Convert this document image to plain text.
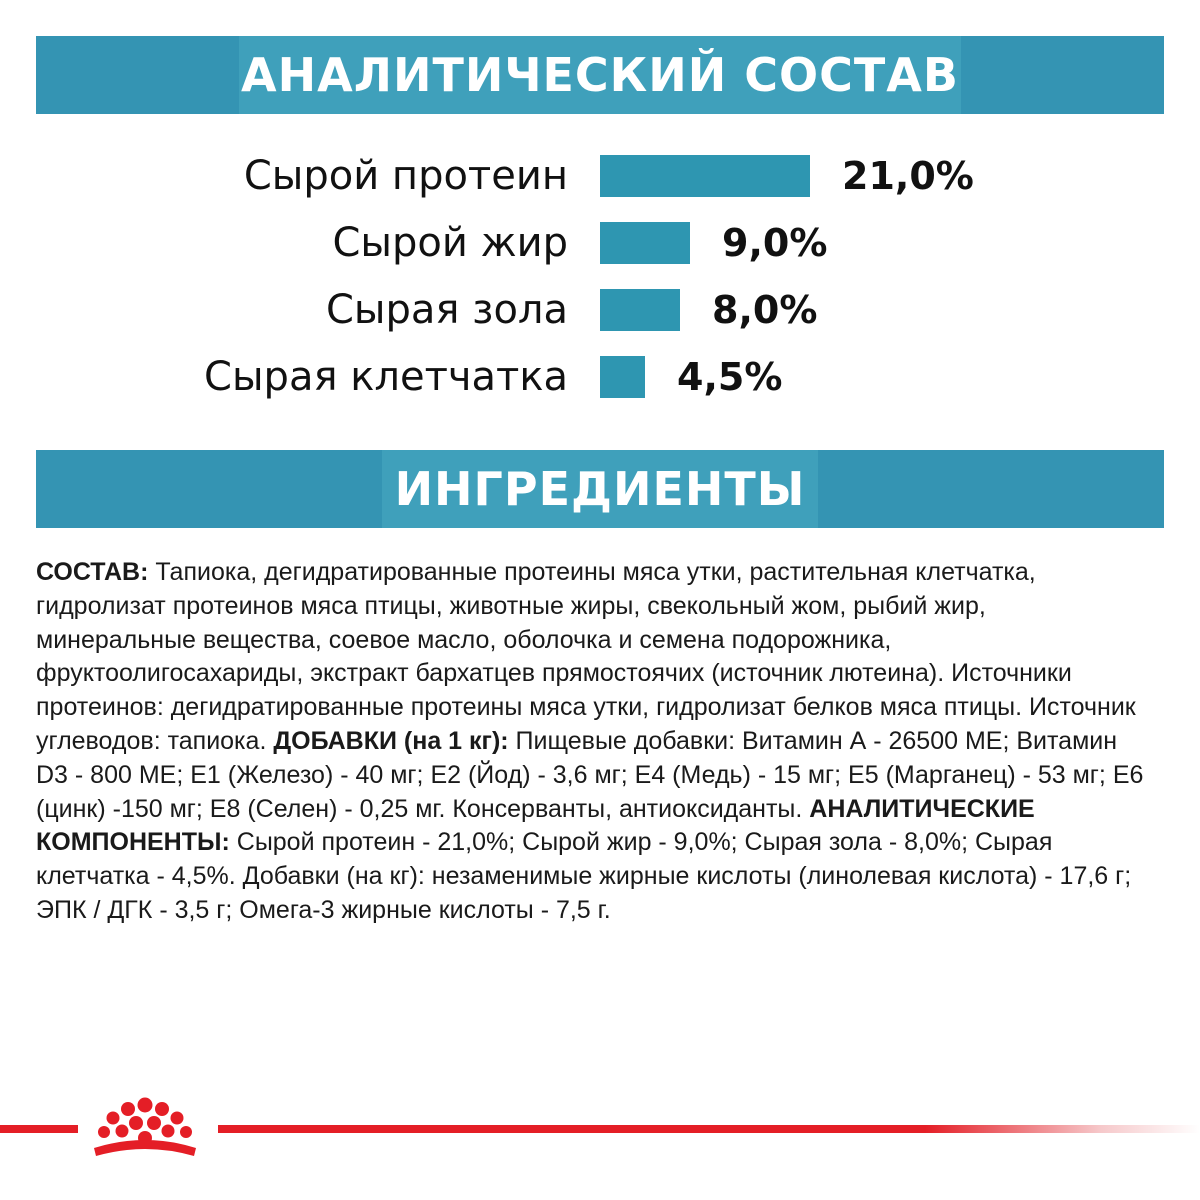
АНАЛИТИЧЕСКИЙ СОСТАВ
Сырой протеин	21,0%
Сырой жир	9,0%
Сырая зола	8,0%
Сырая клетчатка	4,5%
ИНГРЕДИЕНТЫ

СОСТАВ: Тапиока, дегидратированные протеины мяса утки, растительная клетчатка, гидролизат протеинов мяса птицы, животные жиры, свекольный жом, рыбий жир, минеральные вещества, соевое масло, оболочка и семена подорожника, фруктоолигосахариды, экстракт бархатцев прямостоячих (источник лютеина). Источники протеинов: дегидратированные протеины мяса утки, гидролизат белков мяса птицы. Источник углеводов: тапиока. ДОБАВКИ (на 1 кг): Пищевые добавки: Витамин А - 26500 МЕ; Витамин D3 - 800 МЕ; Е1 (Железо) - 40 мг; Е2 (Йод) - 3,6 мг; Е4 (Медь) - 15 мг; Е5 (Марганец) - 53 мг; Е6 (цинк) -150 мг; Е8 (Селен) - 0,25 мг. Консерванты, антиоксиданты. АНАЛИТИЧЕСКИЕ КОМПОНЕНТЫ: Сырой протеин - 21,0%; Сырой жир - 9,0%; Сырая зола - 8,0%; Сырая клетчатка - 4,5%. Добавки (на кг): незаменимые жирные кислоты (линолевая кислота) - 17,6 г; ЭПК / ДГК - 3,5 г; Омега-3 жирные кислоты - 7,5 г.
